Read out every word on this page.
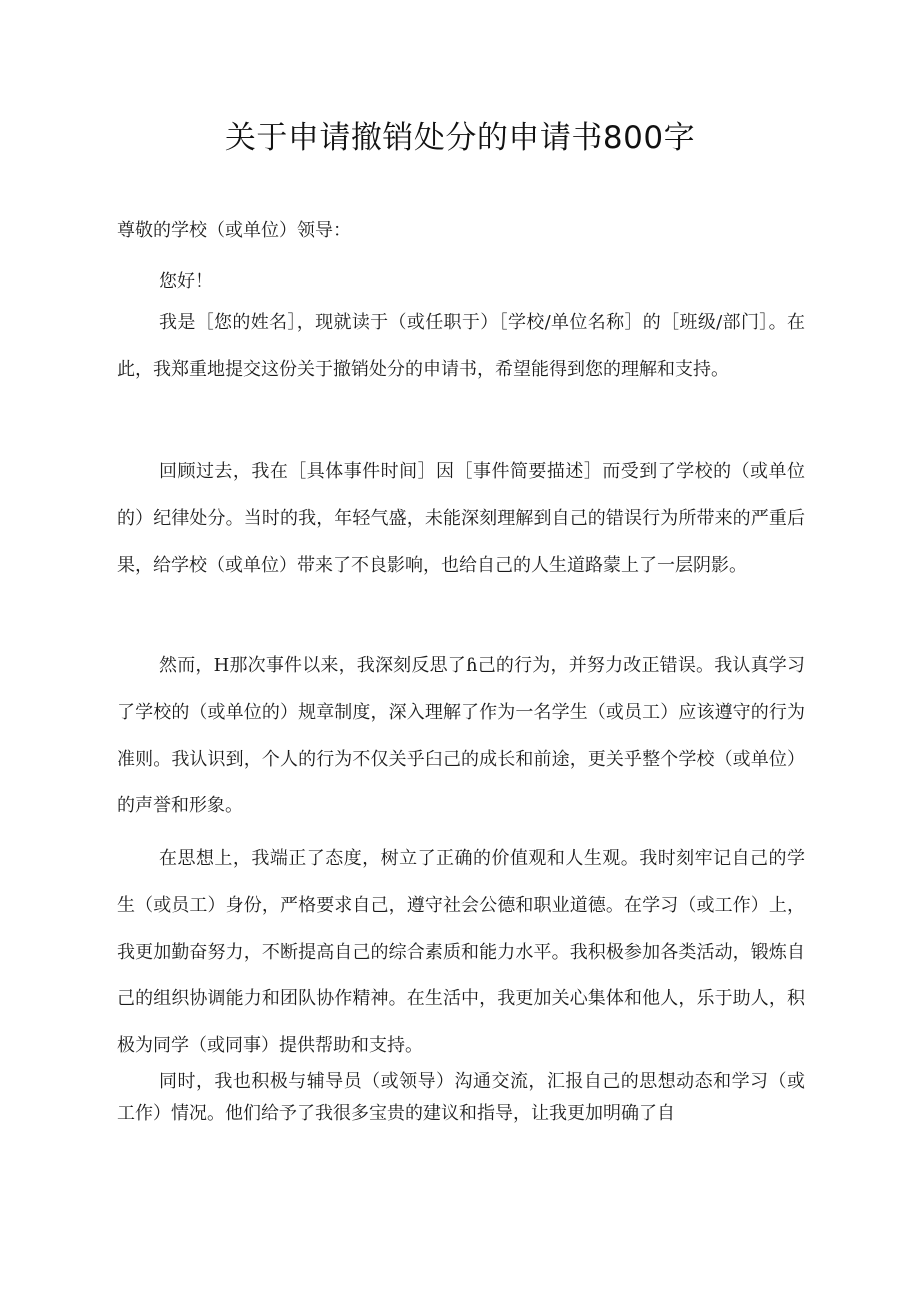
关于申请撤销处分的申请书800字
尊敬的学校（或单位）领导：
您好！

我是［您的姓名］，现就读于（或任职于）［学校/单位名称］的［班级/部门］。在此，我郑重地提交这份关于撤销处分的申请书，希望能得到您的理解和支持。

回顾过去，我在［具体事件时间］因［事件简要描述］而受到了学校的（或单位的）纪律处分。当时的我，年轻气盛，未能深刻理解到自己的错误行为所带来的严重后果，给学校（或单位）带来了不良影响，也给自己的人生道路蒙上了一层阴影。

然而，H那次事件以来，我深刻反思了ɦ己的行为，并努力改正错误。我认真学习了学校的（或单位的）规章制度，深入理解了作为一名学生（或员工）应该遵守的行为准则。我认识到，个人的行为不仅关乎臼己的成长和前途，更关乎整个学校（或单位）的声誉和形象。

在思想上，我端正了态度，树立了正确的价值观和人生观。我时刻牢记自己的学生（或员工）身份，严格要求自己，遵守社会公德和职业道德。在学习（或工作）上，我更加勤奋努力，不断提高自己的综合素质和能力水平。我积极参加各类活动，锻炼自己的组织协调能力和团队协作精神。在生活中，我更加关心集体和他人，乐于助人，积极为同学（或同事）提供帮助和支持。

同时，我也积极与辅导员（或领导）沟通交流，汇报自己的思想动态和学习（或工作）情况。他们给予了我很多宝贵的建议和指导，让我更加明确了自
